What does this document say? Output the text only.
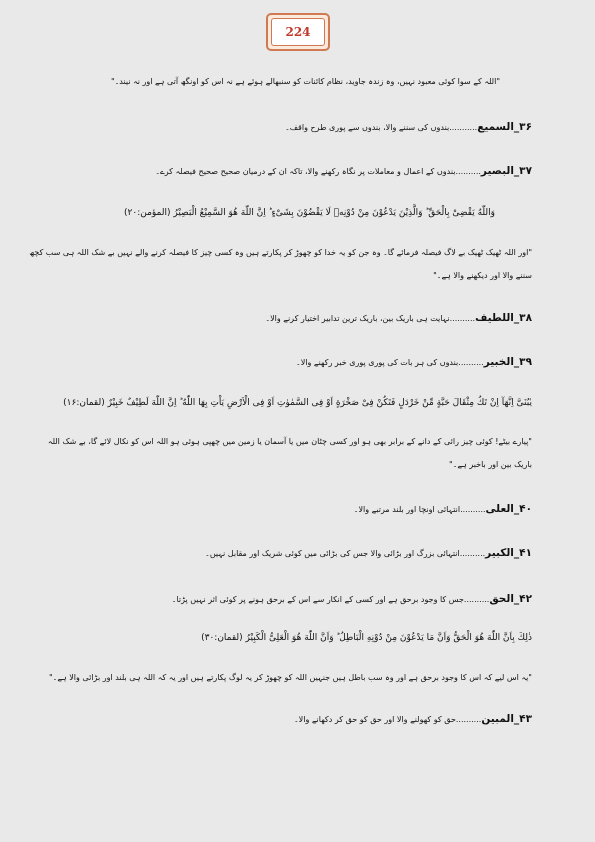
224
"اللہ کے سوا کوئی معبود نہیں، وہ زندہ جاوید، نظام کائنات کو سنبھالے ہوئے ہے نہ اس کو اونگھ آتی ہے اور نہ نیند۔"
۳۶_السمیع...........بندوں کی سننے والا، بندوں سے پوری طرح واقف۔
۳۷_البصیر..........بندوں کے اعمال و معاملات پر نگاہ رکھنے والا، تاکہ ان کے درمیان صحیح صحیح فیصلہ کرے۔
وَاللّٰهُ يَقْضِىْ بِالْحَقِّ ؕ وَالَّذِيْنَ يَدْعُوْنَ مِنْ دُوْنِهٖ لَا يَقْضُوْنَ بِشَىْءٍ ؕ اِنَّ اللّٰهَ هُوَ السَّمِيْعُ الْبَصِيْرُ (المؤمن:۲۰)
"اور اللہ ٹھیک ٹھیک بے لاگ فیصلہ فرمائے گا۔ وہ جن کو یہ خدا کو چھوڑ کر پکارتے ہیں وہ کسی چیز کا فیصلہ کرنے والے نہیں بے شک اللہ ہی سب کچھ
سننے والا اور دیکھنے والا ہے۔"
۳۸_اللطیف..........نہایت ہی باریک بین، باریک ترین تدابیر اختیار کرنے والا۔
۳۹_الخبیر..........بندوں کی ہر بات کی پوری پوری خبر رکھنے والا۔
يٰبُنَىَّ اِنَّهَآ اِنْ تَكُ مِثْقَالَ حَبَّةٍ مِّنْ خَرْدَلٍ فَتَكُنْ فِىْ صَخْرَةٍ اَوْ فِى السَّمٰوٰتِ اَوْ فِى الْاَرْضِ يَاْتِ بِهَا اللّٰهُ ؕ اِنَّ اللّٰهَ لَطِيْفٌ خَبِيْرٌ (لقمان:۱۶)
"پیارے بیٹے! کوئی چیز رائی کے دانے کے برابر بھی ہو اور کسی چٹان میں یا آسمان یا زمین میں چھپی ہوئی ہو اللہ اس کو نکال لائے گا، بے شک اللہ
باریک بین اور باخبر ہے۔"
۴۰_العلی..........انتہائی اونچا اور بلند مرتبے والا۔
۴۱_الکبیر..........انتہائی بزرگ اور بڑائی والا جس کی بڑائی میں کوئی شریک اور مقابل نہیں۔
۴۲_الحق..........جس کا وجود برحق ہے اور کسی کے انکار سے اس کے برحق ہونے پر کوئی اثر نہیں پڑتا۔
ذٰلِكَ بِاَنَّ اللّٰهَ هُوَ الْحَقُّ وَاَنَّ مَا يَدْعُوْنَ مِنْ دُوْنِهِ الْبَاطِلُ ؕ وَاَنَّ اللّٰهَ هُوَ الْعَلِىُّ الْكَبِيْرُ (لقمان:۳۰)
"یہ اس لیے کہ اس کا وجود برحق ہے اور وہ سب باطل ہیں جنہیں اللہ کو چھوڑ کر یہ لوگ پکارتے ہیں اور یہ کہ اللہ ہی بلند اور بڑائی والا ہے۔"
۴۳_المبین..........حق کو کھولنے والا اور حق کو حق کر دکھانے والا۔
